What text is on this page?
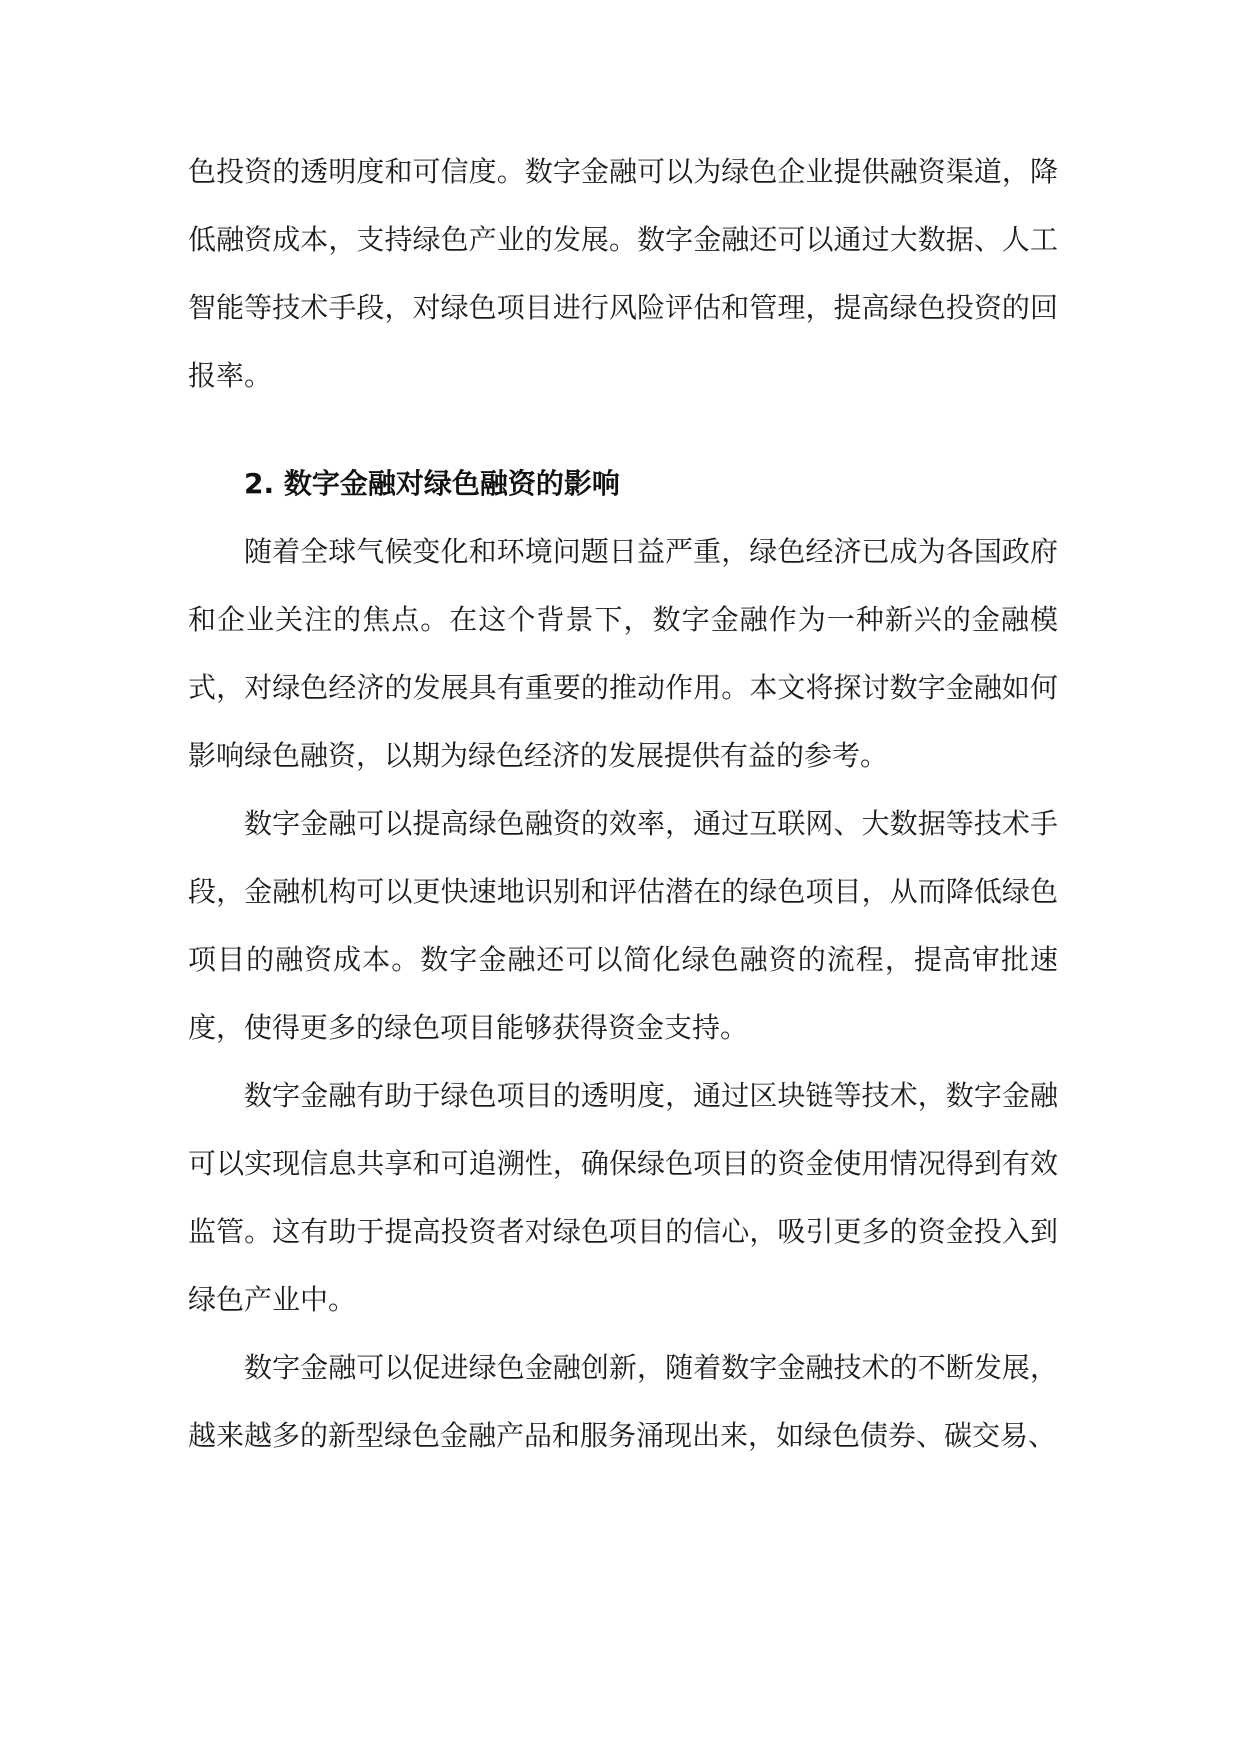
色投资的透明度和可信度。数字金融可以为绿色企业提供融资渠道，降低融资成本，支持绿色产业的发展。数字金融还可以通过大数据、人工智能等技术手段，对绿色项目进行风险评估和管理，提高绿色投资的回报率。

2. 数字金融对绿色融资的影响

随着全球气候变化和环境问题日益严重，绿色经济已成为各国政府和企业关注的焦点。在这个背景下，数字金融作为一种新兴的金融模式，对绿色经济的发展具有重要的推动作用。本文将探讨数字金融如何影响绿色融资，以期为绿色经济的发展提供有益的参考。

数字金融可以提高绿色融资的效率，通过互联网、大数据等技术手段，金融机构可以更快速地识别和评估潜在的绿色项目，从而降低绿色项目的融资成本。数字金融还可以简化绿色融资的流程，提高审批速度，使得更多的绿色项目能够获得资金支持。

数字金融有助于绿色项目的透明度，通过区块链等技术，数字金融可以实现信息共享和可追溯性，确保绿色项目的资金使用情况得到有效监管。这有助于提高投资者对绿色项目的信心，吸引更多的资金投入到绿色产业中。

数字金融可以促进绿色金融创新，随着数字金融技术的不断发展，越来越多的新型绿色金融产品和服务涌现出来，如绿色债券、碳交易、
